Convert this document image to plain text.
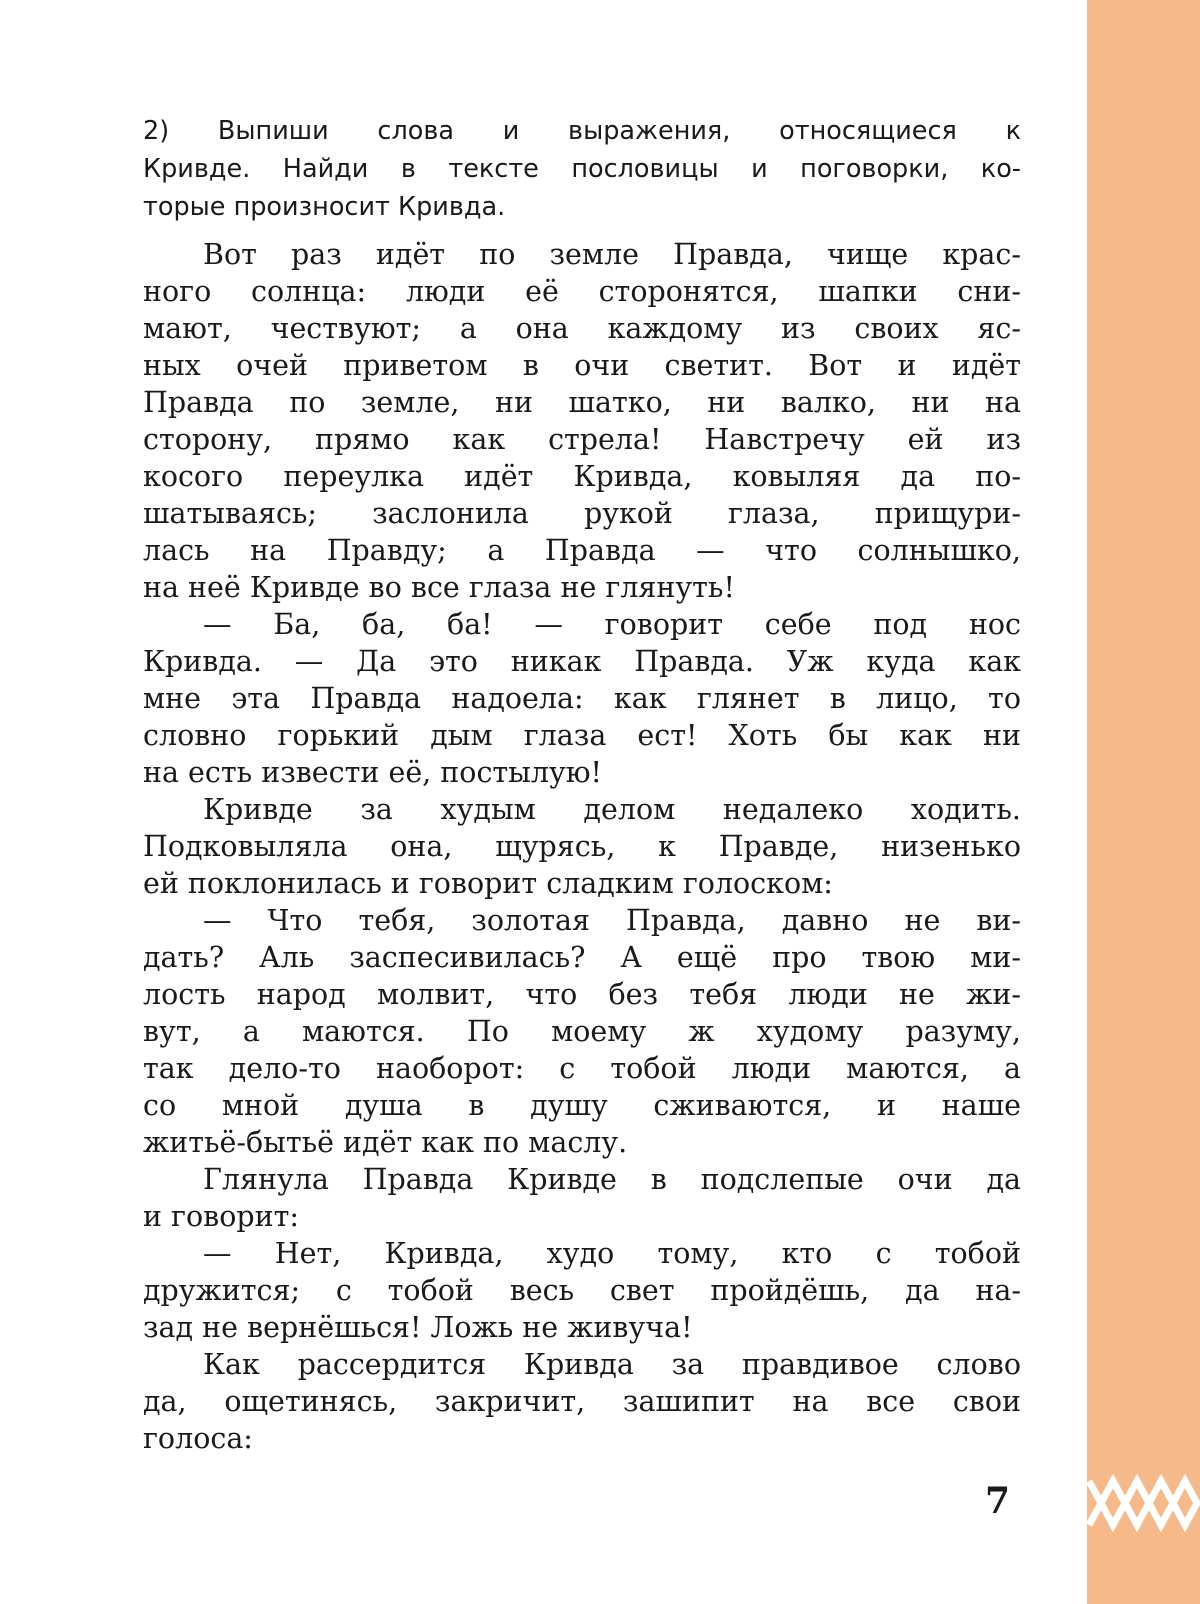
2) Выпиши слова и выражения, относящиеся к
Кривде. Найди в тексте пословицы и поговорки, ко-
торые произносит Кривда.
Вот раз идёт по земле Правда, чище крас-
ного солнца: люди её сторонятся, шапки сни-
мают, чествуют; а она каждому из своих яс-
ных очей приветом в очи светит. Вот и идёт
Правда по земле, ни шатко, ни валко, ни на
сторону, прямо как стрела! Навстречу ей из
косого переулка идёт Кривда, ковыляя да по-
шатываясь; заслонила рукой глаза, прищури-
лась на Правду; а Правда — что солнышко,
на неё Кривде во все глаза не глянуть!
— Ба, ба, ба! — говорит себе под нос
Кривда. — Да это никак Правда. Уж куда как
мне эта Правда надоела: как глянет в лицо, то
словно горький дым глаза ест! Хоть бы как ни
на есть извести её, постылую!
Кривде за худым делом недалеко ходить.
Подковыляла она, щурясь, к Правде, низенько
ей поклонилась и говорит сладким голоском:
— Что тебя, золотая Правда, давно не ви-
дать? Аль заспесивилась? А ещё про твою ми-
лость народ молвит, что без тебя люди не жи-
вут, а маются. По моему ж худому разуму,
так дело-то наоборот: с тобой люди маются, а
со мной душа в душу сживаются, и наше
житьё-бытьё идёт как по маслу.
Глянула Правда Кривде в подслепые очи да
и говорит:
— Нет, Кривда, худо тому, кто с тобой
дружится; с тобой весь свет пройдёшь, да на-
зад не вернёшься! Ложь не живуча!
Как рассердится Кривда за правдивое слово
да, ощетинясь, закричит, зашипит на все свои
голоса:
7
